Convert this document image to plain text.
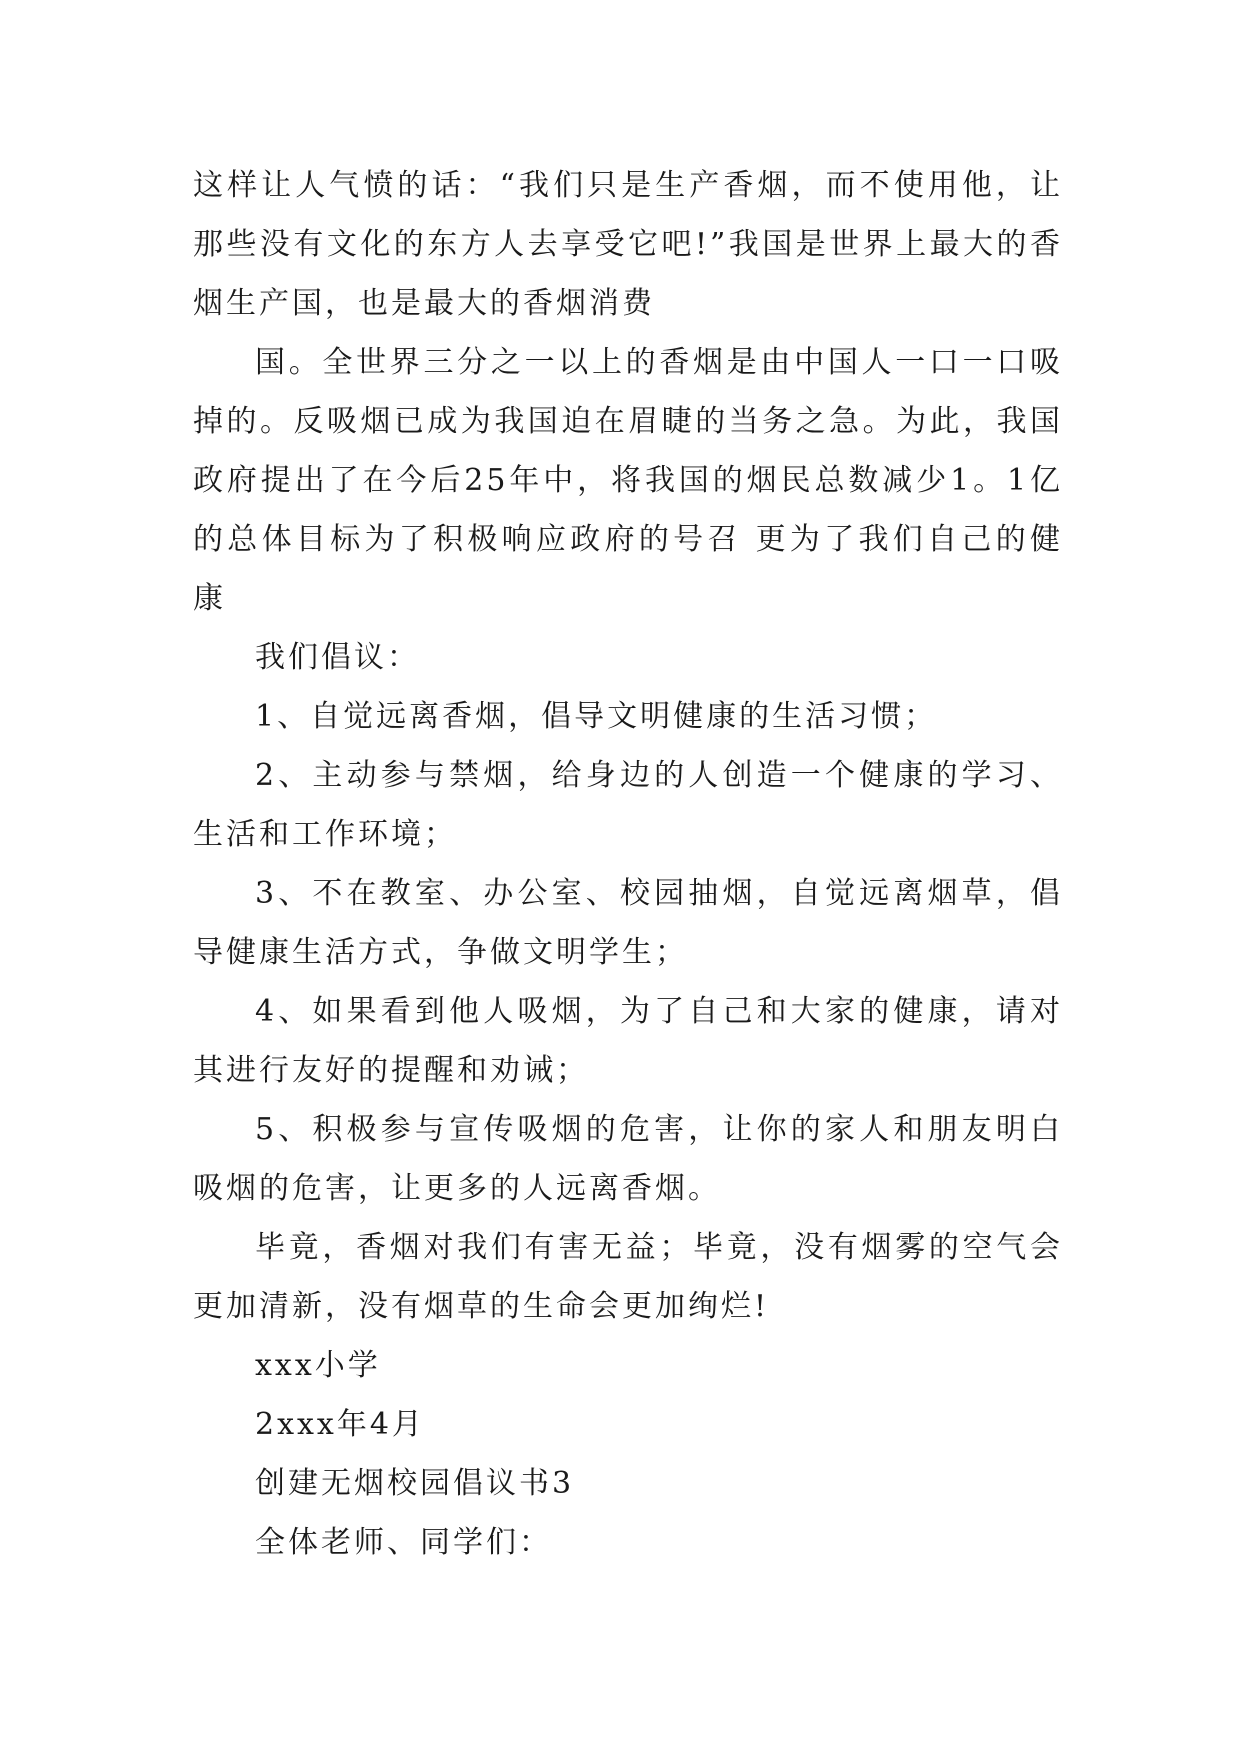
这样让人气愤的话：“我们只是生产香烟，而不使用他，让那些没有文化的东方人去享受它吧!”我国是世界上最大的香烟生产国，也是最大的香烟消费

国。全世界三分之一以上的香烟是由中国人一口一口吸掉的。反吸烟已成为我国迫在眉睫的当务之急。为此，我国政府提出了在今后25年中，将我国的烟民总数减少1。1亿的总体目标为了积极响应政府的号召 更为了我们自己的健康

我们倡议：

1、自觉远离香烟，倡导文明健康的生活习惯；

2、主动参与禁烟，给身边的人创造一个健康的学习、生活和工作环境；

3、不在教室、办公室、校园抽烟，自觉远离烟草，倡导健康生活方式，争做文明学生；

4、如果看到他人吸烟，为了自己和大家的健康，请对其进行友好的提醒和劝诫；

5、积极参与宣传吸烟的危害，让你的家人和朋友明白吸烟的危害，让更多的人远离香烟。

毕竟，香烟对我们有害无益；毕竟，没有烟雾的空气会更加清新，没有烟草的生命会更加绚烂!

xxx小学

2xxx年4月

创建无烟校园倡议书3

全体老师、同学们：
